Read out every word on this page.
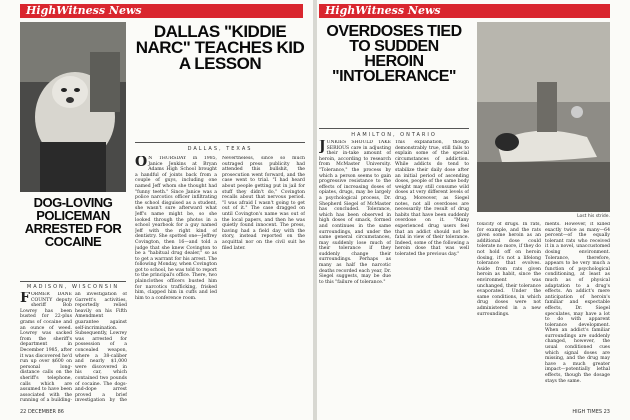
HighWitness News
DOG-LOVING POLICEMAN ARRESTED FOR COCAINE
MADISON, WISCONSIN
FORMER DANE COUNTY deputy sheriff Bob Lowrey has been busted for 22-plus grams of cocaine and an ounce of weed. Lowrey was sacked from the sheriff's department in December 1985, after it was discovered he'd run up over $600 on personal long-distance calls on the sheriff's telephone, calls which are assumed to have been associated with the running of a building-
an investigation of Garrett's activities, reportedly relied heavily on his Fifth Amendment guarantee against self-incrimination. Subsequently, Lowrey was arrested for possession of a concealed weapon, where a 38-caliber and nearly $1,000 were discovered in his car, which contained two pounds of cocaine. The dogs-and-dope arrest proved a brief investigation by the
DALLAS "KIDDIE NARC" TEACHES KID A LESSON
DALLAS, TEXAS
O N THURSDAY in 1985, Janice Jenkins at Bryan Adams High School brought a handful of joints back from a couple of guys, including one named Jeff whom she thought had "funny teeth." Since Janice was a police narcotics officer infiltrating the school disguised as a student, she wasn't sure afterward what Jeff's name might be, so she looked through the photos in a school yearbook for a guy named Jeff with the right kind of dentistry. She spotted one—Jeffrey Covington, then 16—and told a judge that she knew Covington to be a "habitual drug dealer," so as to get a warrant for his arrest. The following Monday, when Covington got to school, he was told to report to the principal's office. There, two plainclothes officers busted him for narcotics trafficking, frisked him, clapped him in cuffs and led him to a conference room.
Nevertheless, since so much outraged press publicity had attended this bullshit, the prosecution went forward, and the case went to trial. "I had heard about people getting put in jail for stuff they didn't do," Covington recalls about that nervous period. "I was afraid I wasn't going to get out of it." The case dragged on until Covington's name was out of the local papers, and then he was quietly found innocent. The press, having had a field day with the story, instead reported on the acquittal nor on the civil suit he filed later.
22 DECEMBER 86
HighWitness News
OVERDOSES TIED TO SUDDEN HEROIN "INTOLERANCE"
HAMILTON, ONTARIO
Lost his stride.
JUNKIES SHOULD TAKE SERIOUS care in adjusting their in-take amount of heroin, according to research from McMaster University. "Tolerance," the process by which a person seems to gain progressive resistance to the effects of increasing doses of opiates, drugs, may be largely a psychological process, Dr. Shepherd Siegel of McMaster has concluded. Tolerance, which has been observed in high doses of smack, formed and continues in the same surroundings, and under the same general circumstances, may suddenly lose much of their tolerance if they suddenly change their surroundings. Perhaps as many as half the narcotic deaths recorded each year, Dr. Siegel suggests, may be due to this "failure of tolerance."
This explanation, though demonstrably true, still fails to explain some of the special circumstances of addiction. While addicts do tend to stabilize their daily dose after an initial period of ascending doses, people of the same body weight may still consume wild doses at very different levels of drug. Moreover, as Siegel notes, not all overdoses are necessarily the result of drug habits that have been suddenly overdose on it. "Many experienced drug users feel that an addict should not be fatal in view of their tolerance. Indeed, some of the following a heroin dose that was well tolerated the previous day."
toxicity of drugs. In rats, for example, and the rats given some heroin as an additional dose could tolerate no more, if they do not hold off on heroin dosing, it's not a lifelong tolerance that evolves. Aside from rats given heroin as habit, since the environment was unchanged, their tolerance evaporated. Under the same conditions, in which drug doses were not administered in a new surroundings.
ments. However, it killed exactly twice as many—64 percent—of the equally tolerant rats who received it in a novel, unaccustomed dosing environment. Tolerance, therefore, appears to be very much a function of psychological conditioning, at least as much as of physical adaptation to a drug's effects. An addict's mere anticipation of heroin's familiar and expectable effects, Dr. Siegel speculates, may have a lot to do with apparent tolerance development. When an addict's familiar surroundings are suddenly changed, however, the usual conditioned cues which signal doses are missing, and the drug may have a much greater impact—potentially lethal effects, though the dosage stays the same.
HIGH TIMES 23
